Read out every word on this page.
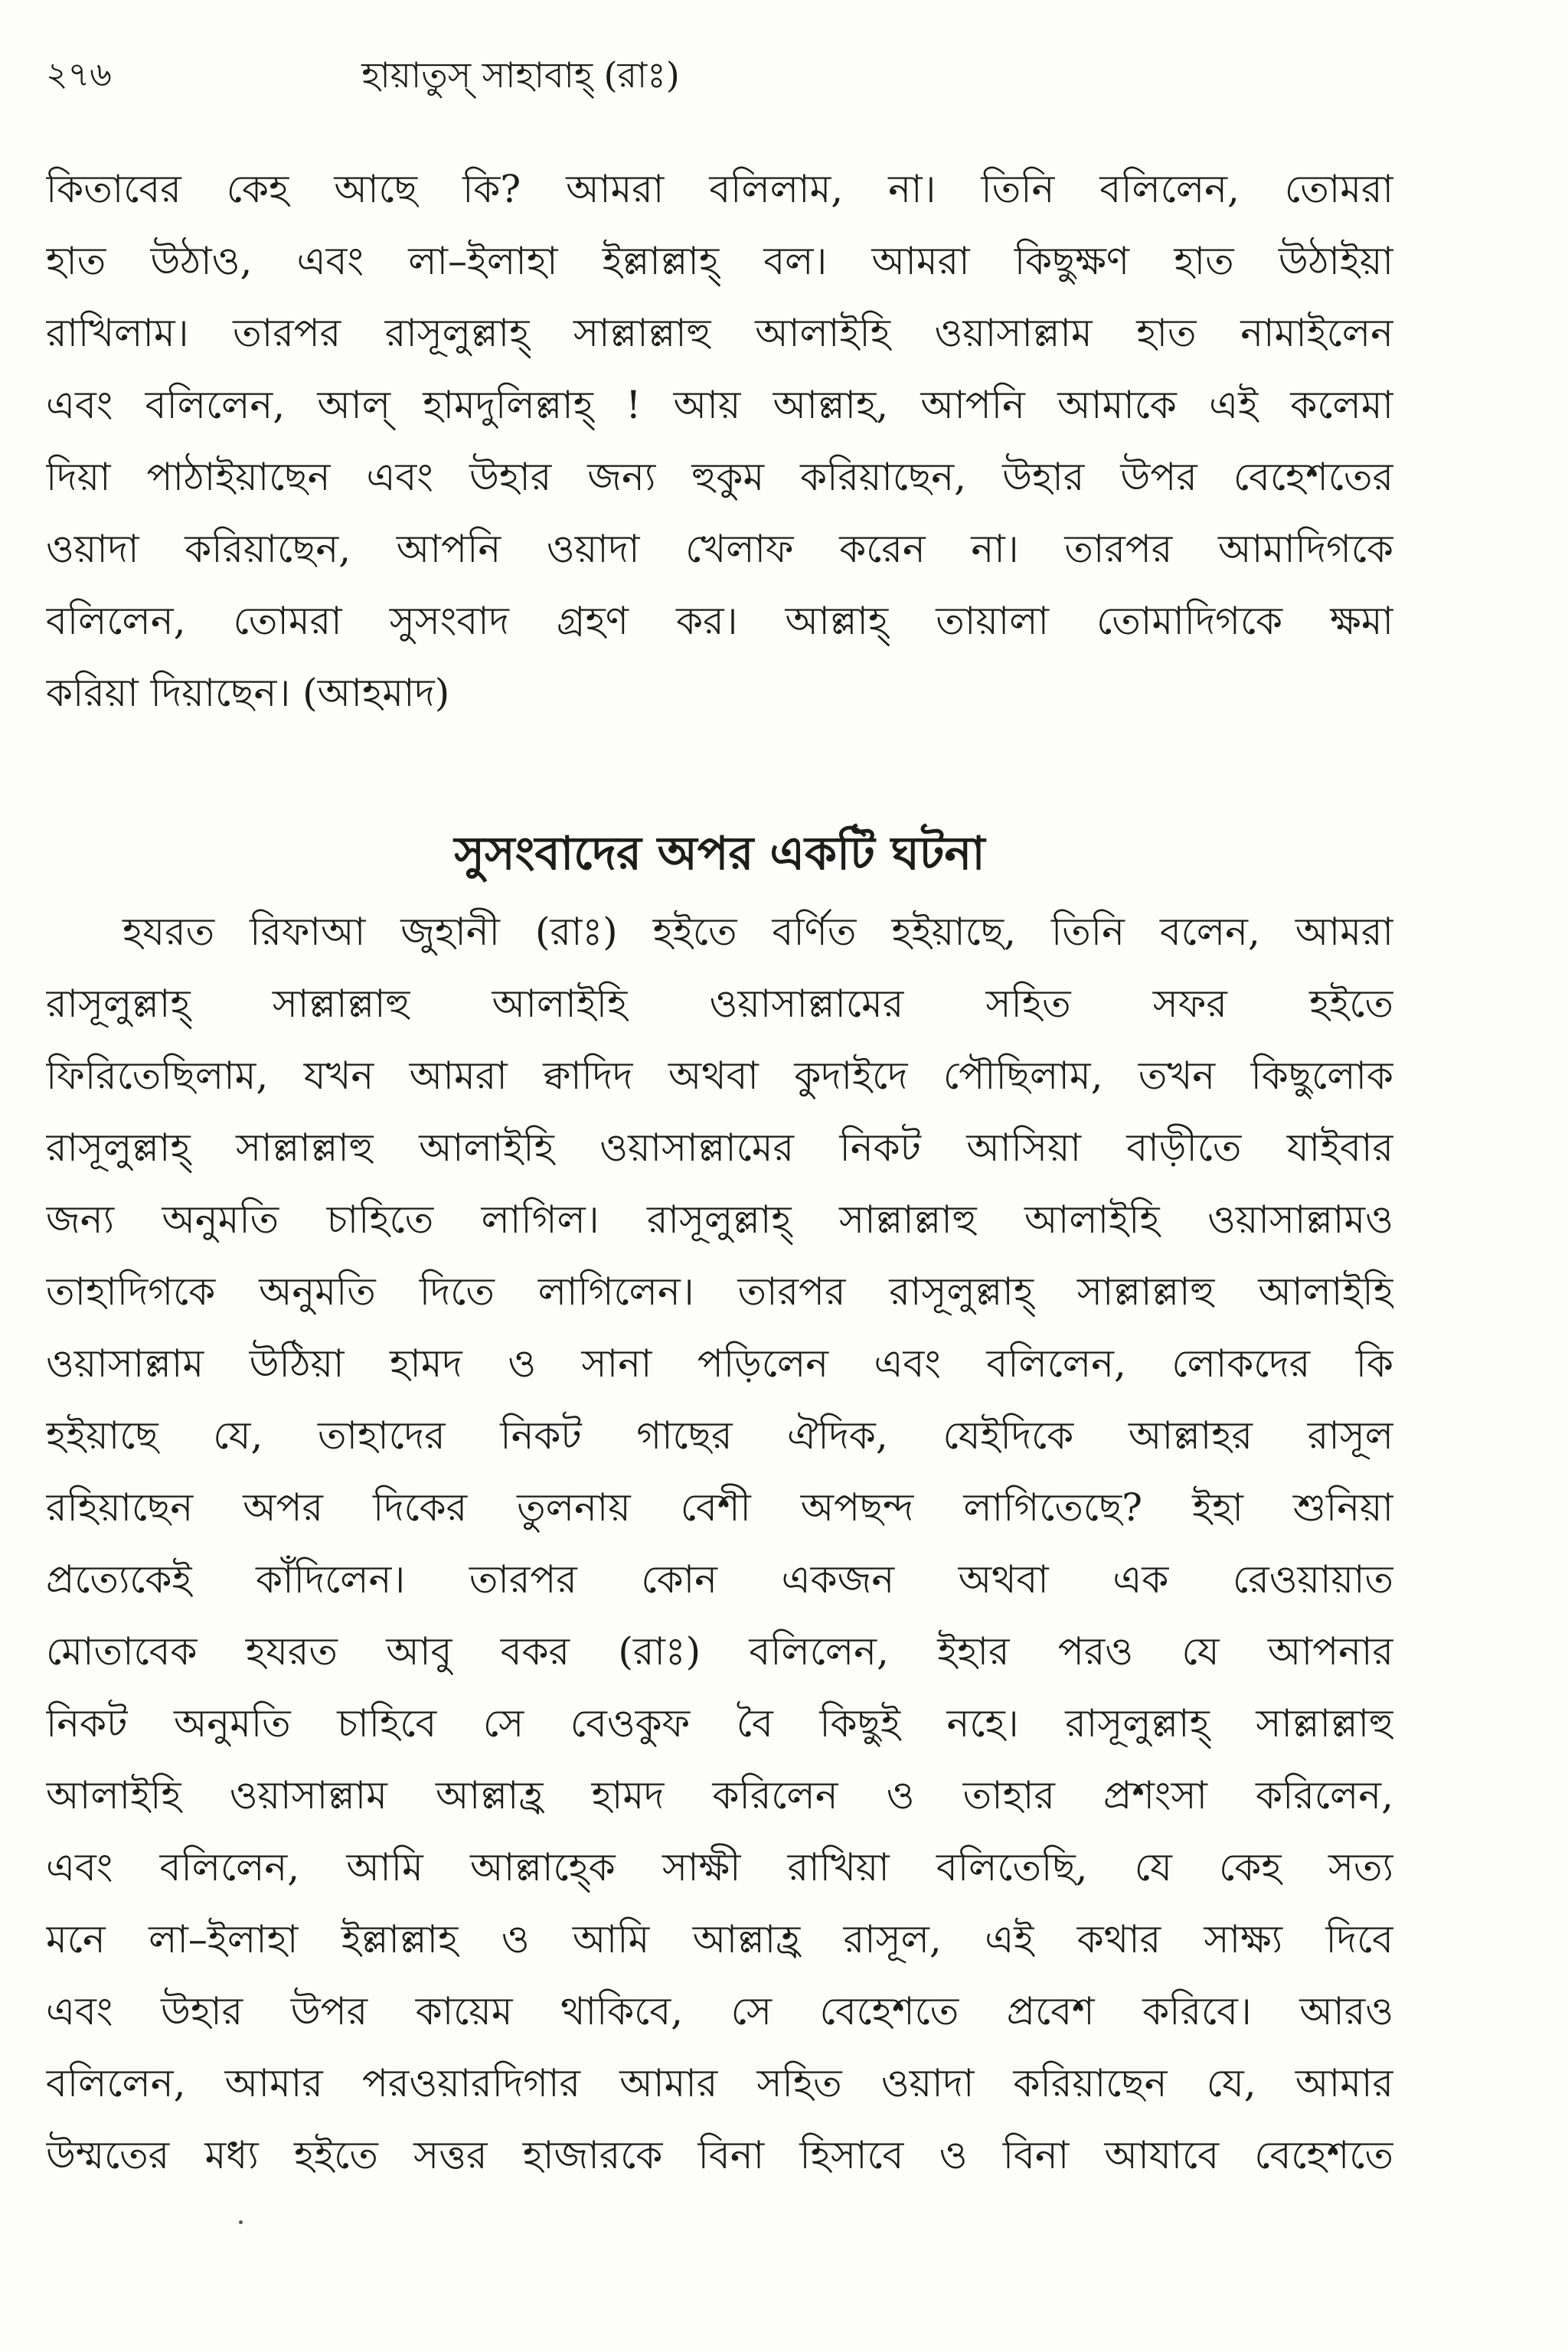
২৭৬	হায়াতুস্ সাহাবাহ্ (রাঃ)
কিতাবের কেহ আছে কি? আমরা বলিলাম, না। তিনি বলিলেন, তোমরা
হাত উঠাও, এবং লা–ইলাহা ইল্লাল্লাহ্ বল। আমরা কিছুক্ষণ হাত উঠাইয়া
রাখিলাম। তারপর রাসূলুল্লাহ্ সাল্লাল্লাহু আলাইহি ওয়াসাল্লাম হাত নামাইলেন
এবং বলিলেন, আল্ হামদুলিল্লাহ্ ! আয় আল্লাহ, আপনি আমাকে এই কলেমা
দিয়া পাঠাইয়াছেন এবং উহার জন্য হুকুম করিয়াছেন, উহার উপর বেহেশতের
ওয়াদা করিয়াছেন, আপনি ওয়াদা খেলাফ করেন না। তারপর আমাদিগকে
বলিলেন, তোমরা সুসংবাদ গ্রহণ কর। আল্লাহ্ তায়ালা তোমাদিগকে ক্ষমা
করিয়া দিয়াছেন। (আহমাদ)
সুসংবাদের অপর একটি ঘটনা
হযরত রিফাআ জুহানী (রাঃ) হইতে বর্ণিত হইয়াছে, তিনি বলেন, আমরা
রাসূলুল্লাহ্ সাল্লাল্লাহু আলাইহি ওয়াসাল্লামের সহিত সফর হইতে
ফিরিতেছিলাম, যখন আমরা ক্বাদিদ অথবা কুদাইদে পৌছিলাম, তখন কিছুলোক
রাসূলুল্লাহ্ সাল্লাল্লাহু আলাইহি ওয়াসাল্লামের নিকট আসিয়া বাড়ীতে যাইবার
জন্য অনুমতি চাহিতে লাগিল। রাসূলুল্লাহ্ সাল্লাল্লাহু আলাইহি ওয়াসাল্লামও
তাহাদিগকে অনুমতি দিতে লাগিলেন। তারপর রাসূলুল্লাহ্ সাল্লাল্লাহু আলাইহি
ওয়াসাল্লাম উঠিয়া হামদ ও সানা পড়িলেন এবং বলিলেন, লোকদের কি
হইয়াছে যে, তাহাদের নিকট গাছের ঐদিক, যেইদিকে আল্লাহর রাসূল
রহিয়াছেন অপর দিকের তুলনায় বেশী অপছন্দ লাগিতেছে? ইহা শুনিয়া
প্রত্যেকেই কাঁদিলেন। তারপর কোন একজন অথবা এক রেওয়ায়াত
মোতাবেক হযরত আবু বকর (রাঃ) বলিলেন, ইহার পরও যে আপনার
নিকট অনুমতি চাহিবে সে বেওকুফ বৈ কিছুই নহে। রাসূলুল্লাহ্ সাল্লাল্লাহু
আলাইহি ওয়াসাল্লাম আল্লাহ্র হামদ করিলেন ও তাহার প্রশংসা করিলেন,
এবং বলিলেন, আমি আল্লাহ্কে সাক্ষী রাখিয়া বলিতেছি, যে কেহ সত্য
মনে লা–ইলাহা ইল্লাল্লাহ ও আমি আল্লাহ্র রাসূল, এই কথার সাক্ষ্য দিবে
এবং উহার উপর কায়েম থাকিবে, সে বেহেশতে প্রবেশ করিবে। আরও
বলিলেন, আমার পরওয়ারদিগার আমার সহিত ওয়াদা করিয়াছেন যে, আমার
উম্মতের মধ্য হইতে সত্তর হাজারকে বিনা হিসাবে ও বিনা আযাবে বেহেশতে
